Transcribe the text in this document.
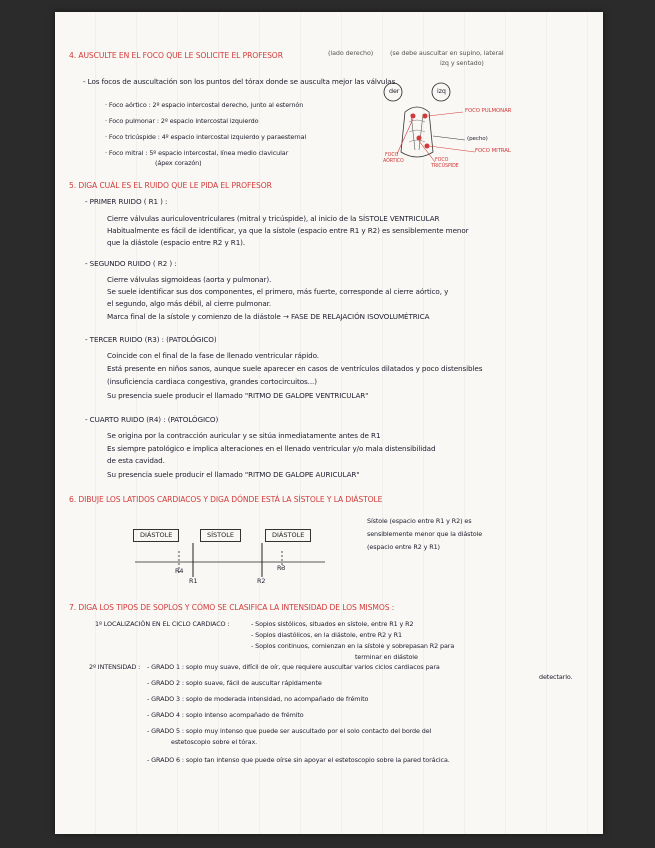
4. AUSCULTE EN EL FOCO QUE LE SOLICITE EL PROFESOR	(lado derecho)	(se debe auscultar en supino, lateral
izq y sentado)
- Los focos de auscultación son los puntos del tórax donde se ausculta mejor las válvulas.
· Foco aórtico : 2º espacio intercostal derecho, junto al esternón
· Foco pulmonar : 2º espacio intercostal izquierdo
· Foco tricúspide : 4º espacio intercostal izquierdo y paraesternal
· Foco mitral : 5º espacio intercostal, línea medio clavicular
(ápex corazón)
der	izq
FOCO PULMONAR
(pecho)
FOCO MITRAL
FOCO
AÓRTICO	FOCO
TRICÚSPIDE
5. DIGA CUÁL ES EL RUIDO QUE LE PIDA EL PROFESOR
- PRIMER RUIDO ( R1 ) :
Cierre válvulas auriculoventriculares (mitral y tricúspide), al inicio de la SÍSTOLE VENTRICULAR
Habitualmente es fácil de identificar, ya que la sístole (espacio entre R1 y R2) es sensiblemente menor
que la diástole (espacio entre R2 y R1).
- SEGUNDO RUIDO ( R2 ) :
Cierre válvulas sigmoideas (aorta y pulmonar).
Se suele identificar sus dos componentes, el primero, más fuerte, corresponde al cierre aórtico, y
el segundo, algo más débil, al cierre pulmonar.
Marca final de la sístole y comienzo de la diástole → FASE DE RELAJACIÓN ISOVOLUMÉTRICA
- TERCER RUIDO (R3) : (PATOLÓGICO)
Coincide con el final de la fase de llenado ventricular rápido.
Está presente en niños sanos, aunque suele aparecer en casos de ventrículos dilatados y poco distensibles
(insuficiencia cardiaca congestiva, grandes cortocircuitos...)
Su presencia suele producir el llamado "RITMO DE GALOPE VENTRICULAR"
- CUARTO RUIDO (R4) : (PATOLÓGICO)
Se origina por la contracción auricular y se sitúa inmediatamente antes de R1
Es siempre patológico e implica alteraciones en el llenado ventricular y/o mala distensibilidad
de esta cavidad.
Su presencia suele producir el llamado "RITMO DE GALOPE AURICULAR"
6. DIBUJE LOS LATIDOS CARDIACOS Y DIGA DÓNDE ESTÁ LA SÍSTOLE Y LA DIÁSTOLE
DIÁSTOLE	SÍSTOLE	DIÁSTOLE
R4
R1
R3
R2
Sístole (espacio entre R1 y R2) es
sensiblemente menor que la diástole
(espacio entre R2 y R1)
7. DIGA LOS TIPOS DE SOPLOS Y CÓMO SE CLASIFICA LA INTENSIDAD DE LOS MISMOS :
1º LOCALIZACIÓN EN EL CICLO CARDIACO :	- Soplos sistólicos, situados en sístole, entre R1 y R2
- Soplos diastólicos, en la diástole, entre R2 y R1
- Soplos continuos, comienzan en la sístole y sobrepasan R2 para
terminar en diástole
2º INTENSIDAD : - GRADO 1 : soplo muy suave, difícil de oír, que requiere auscultar varios ciclos cardiacos para
detectarlo.
- GRADO 2 : soplo suave, fácil de auscultar rápidamente
- GRADO 3 : soplo de moderada intensidad, no acompañado de frémito
- GRADO 4 : soplo intenso acompañado de frémito
- GRADO 5 : soplo muy intenso que puede ser auscultado por el solo contacto del borde del
estetoscopio sobre el tórax.
- GRADO 6 : soplo tan intenso que puede oírse sin apoyar el estetoscopio sobre la pared torácica.
